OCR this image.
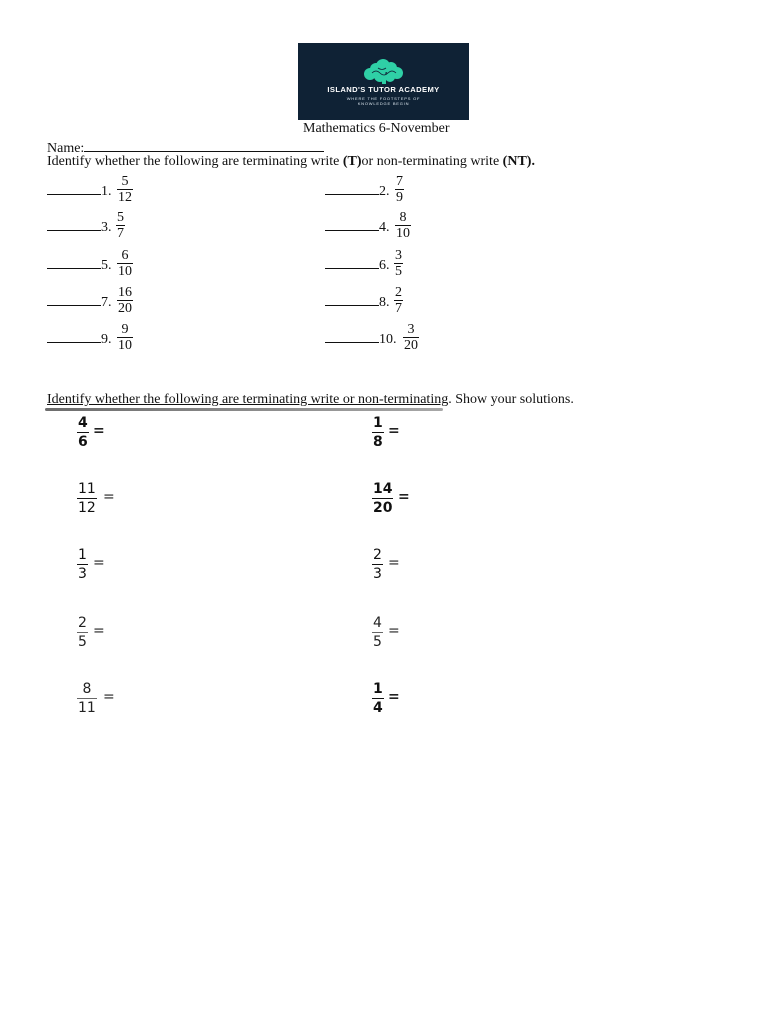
ISLAND'S TUTOR ACADEMY
WHERE THE FOOTSTEPS OF KNOWLEDGE BEGIN
Mathematics 6-November
Name:
Identify whether the following are terminating write (T)or non-terminating write (NT).
1. $\frac{5}{12}$	2. $\frac{7}{9}$
3. $\frac{5}{7}$	4. $\frac{8}{10}$
5. $\frac{6}{10}$	6. $\frac{3}{5}$
7. $\frac{16}{20}$	8. $\frac{2}{7}$
9. $\frac{9}{10}$	10. $\frac{3}{20}$
Identify whether the following are terminating write or non-terminating. Show your solutions.
$\frac{4}{6}$ =	$\frac{1}{8}$ =
$\frac{11}{12}$ =	$\frac{14}{20}$ =
$\frac{1}{3}$ =	$\frac{2}{3}$ =
$\frac{2}{5}$ =	$\frac{4}{5}$ =
$\frac{8}{11}$ =	$\frac{1}{4}$ =
